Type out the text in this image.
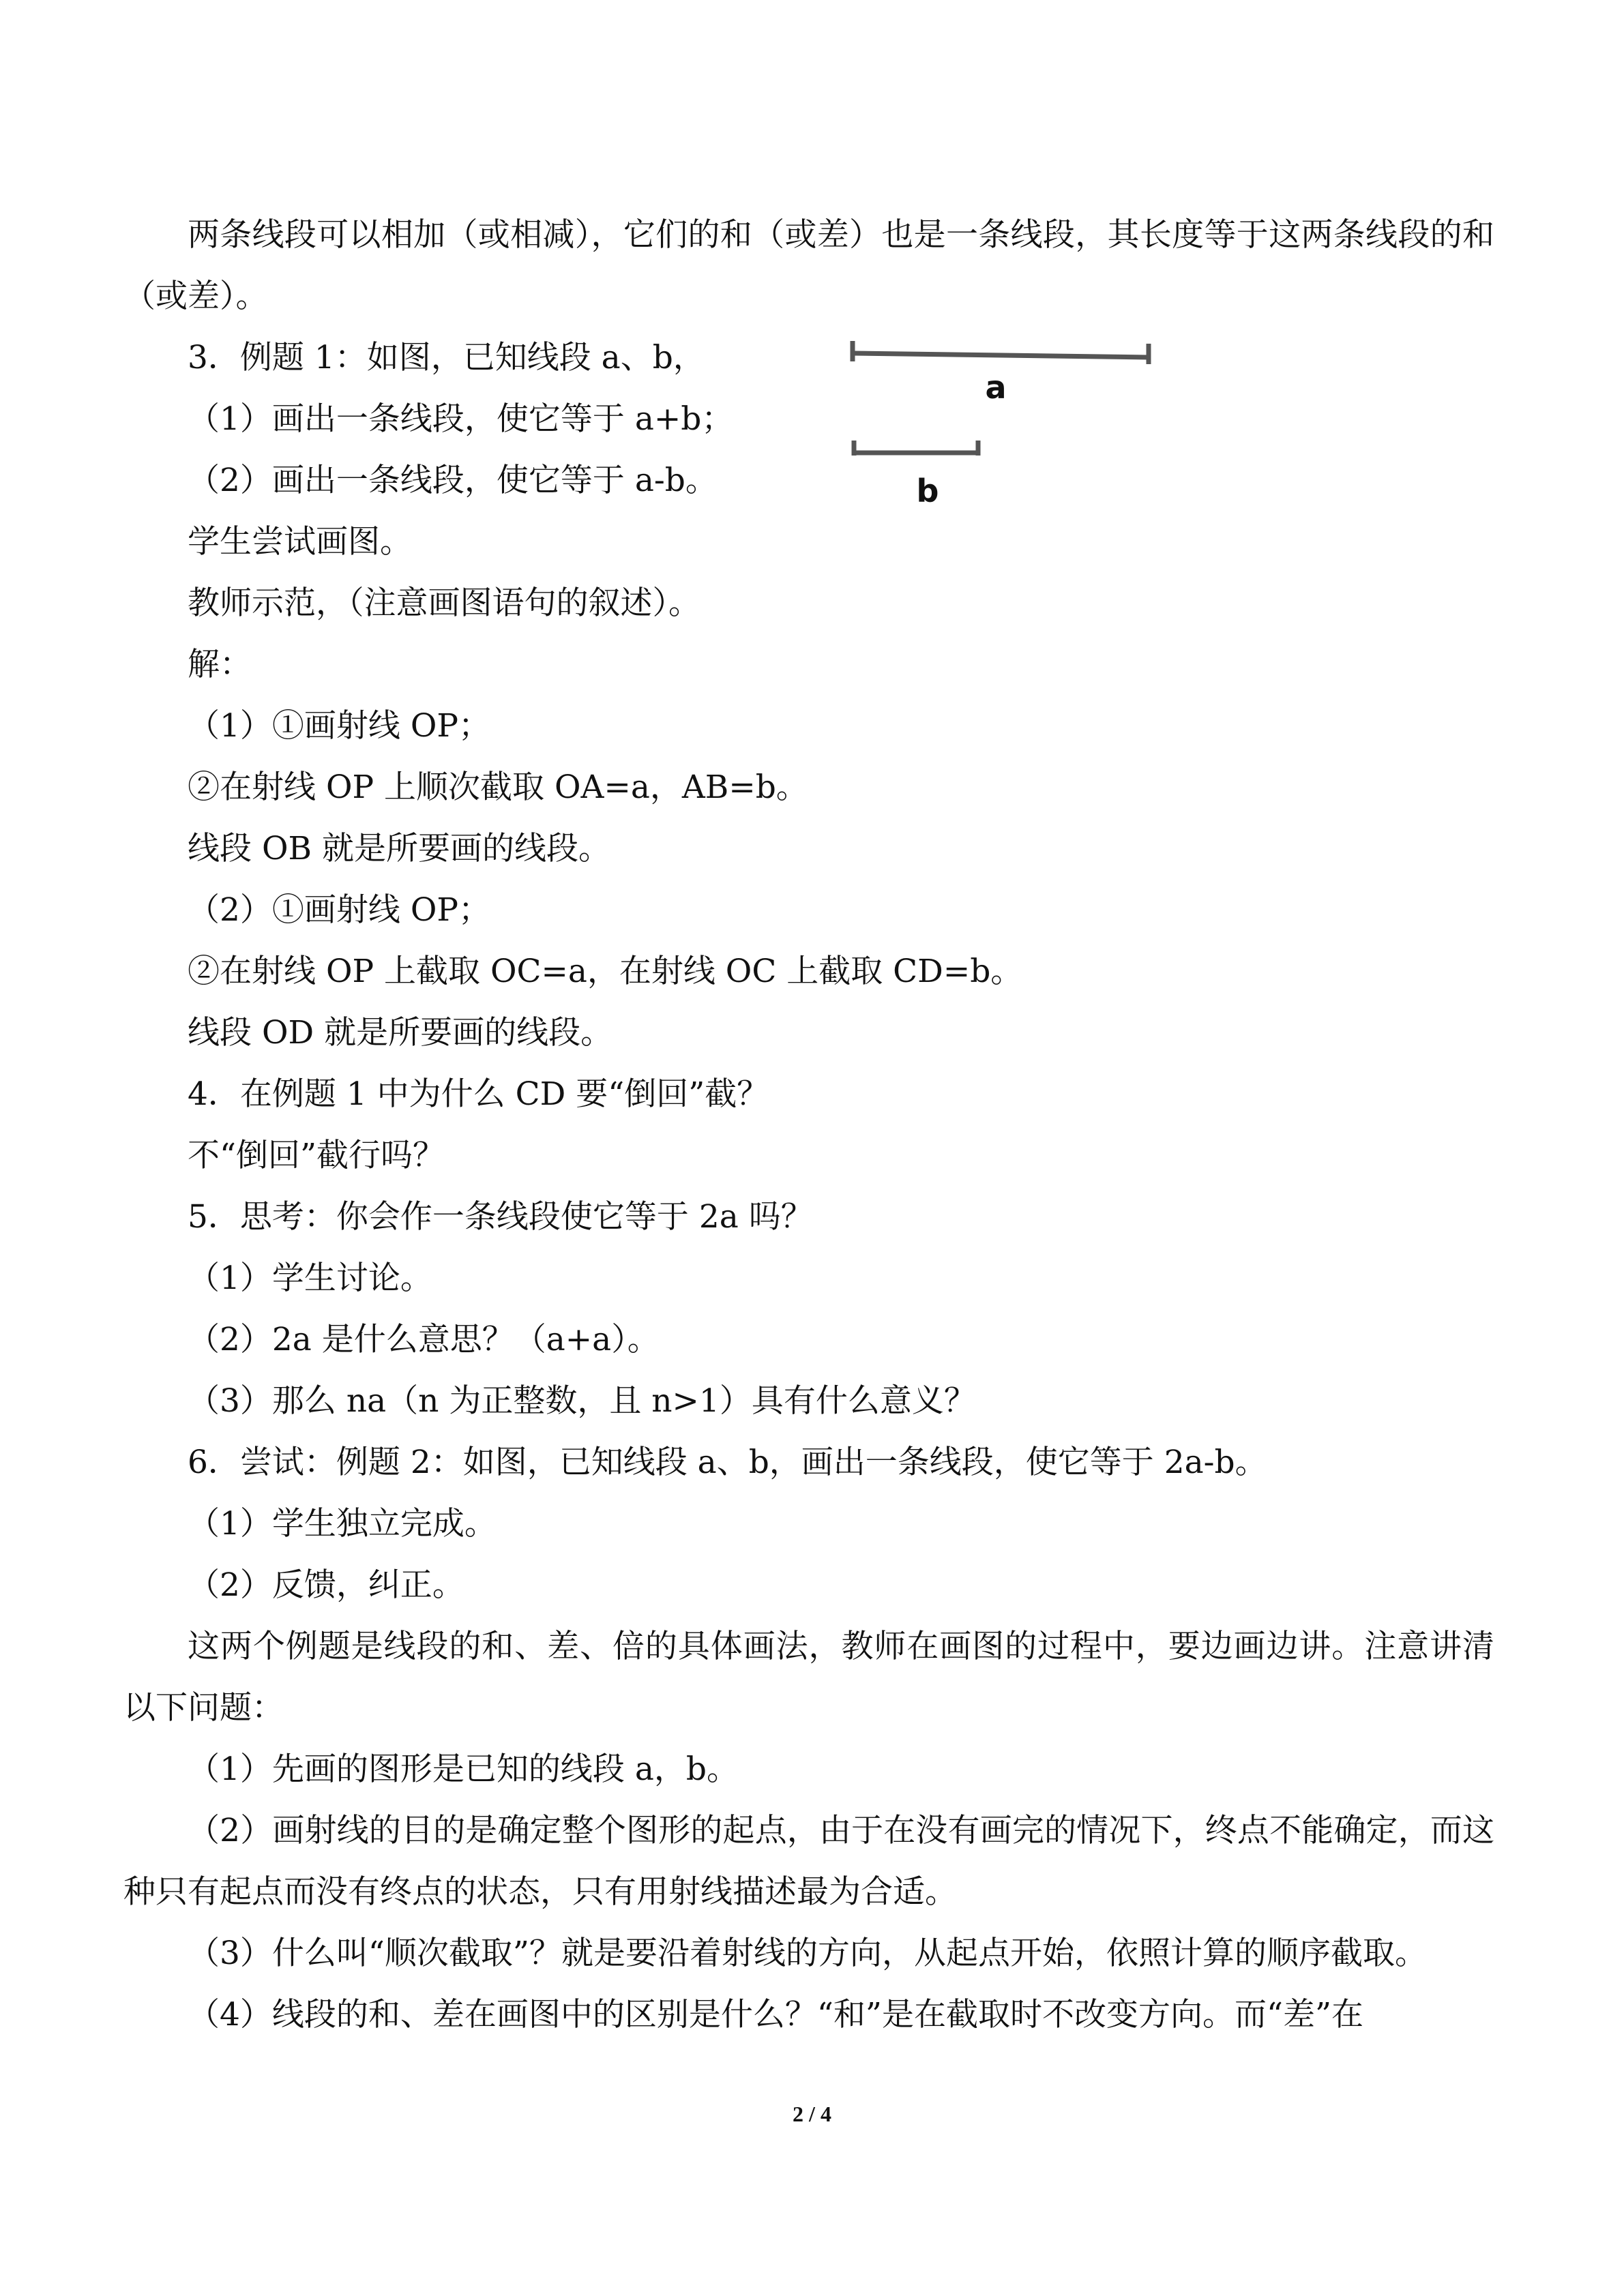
两条线段可以相加（或相减），它们的和（或差）也是一条线段，其长度等于这两条线段的和（或差）。

3．例题 1：如图，已知线段 a、b，

（1）画出一条线段，使它等于 a+b；

（2）画出一条线段，使它等于 a-b。

学生尝试画图。

教师示范，（注意画图语句的叙述）。

解：

（1）①画射线 OP；

②在射线 OP 上顺次截取 OA=a，AB=b。

线段 OB 就是所要画的线段。

（2）①画射线 OP；

②在射线 OP 上截取 OC=a，在射线 OC 上截取 CD=b。

线段 OD 就是所要画的线段。

4．在例题 1 中为什么 CD 要“倒回”截？

不“倒回”截行吗？

5．思考：你会作一条线段使它等于 2a 吗？

（1）学生讨论。

（2）2a 是什么意思？（a+a）。

（3）那么 na（n 为正整数，且 n>1）具有什么意义？

6．尝试：例题 2：如图，已知线段 a、b，画出一条线段，使它等于 2a-b。

（1）学生独立完成。

（2）反馈，纠正。

这两个例题是线段的和、差、倍的具体画法，教师在画图的过程中，要边画边讲。注意讲清以下问题：

（1）先画的图形是已知的线段 a，b。

（2）画射线的目的是确定整个图形的起点，由于在没有画完的情况下，终点不能确定，而这种只有起点而没有终点的状态，只有用射线描述最为合适。

（3）什么叫“顺次截取”？就是要沿着射线的方向，从起点开始，依照计算的顺序截取。

（4）线段的和、差在画图中的区别是什么？“和”是在截取时不改变方向。而“差”在

a
b
2 / 4
